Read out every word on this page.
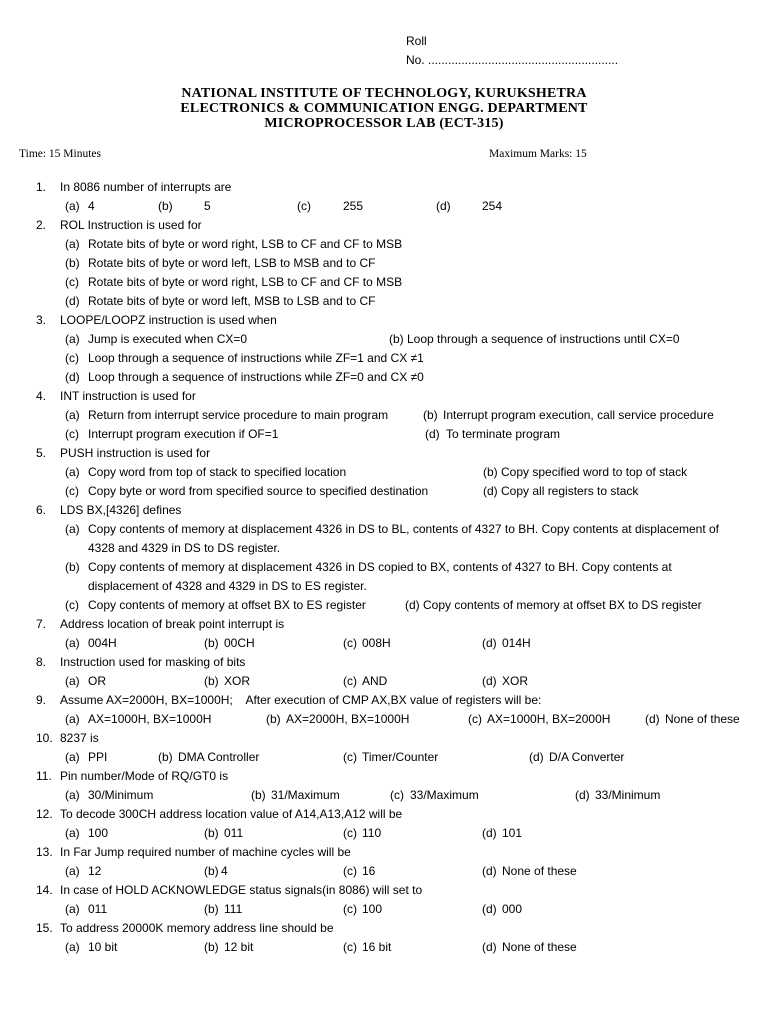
Roll
No. .........................................................
NATIONAL INSTITUTE OF TECHNOLOGY, KURUKSHETRA
ELECTRONICS & COMMUNICATION ENGG. DEPARTMENT
MICROPROCESSOR LAB (ECT-315)
Time: 15 Minutes	Maximum Marks: 15
1. In 8086 number of interrupts are
(a) 4	(b)	5	(c)	255	(d)	254
2. ROL Instruction is used for
(a) Rotate bits of byte or word right, LSB to CF and CF to MSB
(b) Rotate bits of byte or word left, LSB to MSB and to CF
(c) Rotate bits of byte or word right, LSB to CF and CF to MSB
(d) Rotate bits of byte or word left, MSB to LSB and to CF
3. LOOPE/LOOPZ instruction is used when
(a) Jump is executed when CX=0	(b) Loop through a sequence of instructions until CX=0
(c) Loop through a sequence of instructions while ZF=1 and CX ≠1
(d) Loop through a sequence of instructions while ZF=0 and CX ≠0
4. INT instruction is used for
(a) Return from interrupt service procedure to main program	(b) Interrupt program execution, call service procedure
(c) Interrupt program execution if OF=1	(d) To terminate program
5. PUSH instruction is used for
(a) Copy word from top of stack to specified location	(b) Copy specified word to top of stack
(c) Copy byte or word from specified source to specified destination	(d) Copy all registers to stack
6. LDS BX,[4326] defines
(a) Copy contents of memory at displacement 4326 in DS to BL, contents of 4327 to BH. Copy contents at displacement of 4328 and 4329 in DS to DS register.
(b) Copy contents of memory at displacement 4326 in DS copied to BX, contents of 4327 to BH. Copy contents at displacement of 4328 and 4329 in DS to ES register.
(c) Copy contents of memory at offset BX to ES register	(d) Copy contents of memory at offset BX to DS register
7. Address location of break point interrupt is
(a) 004H	(b) 00CH	(c) 008H	(d) 014H
8. Instruction used for masking of bits
(a) OR	(b) XOR	(c) AND	(d) XOR
9. Assume AX=2000H, BX=1000H;    After execution of CMP AX,BX value of registers will be:
(a) AX=1000H, BX=1000H	(b) AX=2000H, BX=1000H	(c) AX=1000H, BX=2000H	(d) None of these
10. 8237 is
(a) PPI	(b) DMA Controller	(c) Timer/Counter	(d) D/A Converter
11. Pin number/Mode of RQ/GT0 is
(a) 30/Minimum	(b) 31/Maximum	(c) 33/Maximum	(d) 33/Minimum
12. To decode 300CH address location value of A14,A13,A12 will be
(a) 100	(b) 011	(c) 110	(d) 101
13. In Far Jump required number of machine cycles will be
(a) 12	(b) 4	(c) 16	(d) None of these
14. In case of HOLD ACKNOWLEDGE status signals(in 8086) will set to
(a) 011	(b) 111	(c) 100	(d) 000
15. To address 20000K memory address line should be
(a) 10 bit	(b) 12 bit	(c) 16 bit	(d) None of these
